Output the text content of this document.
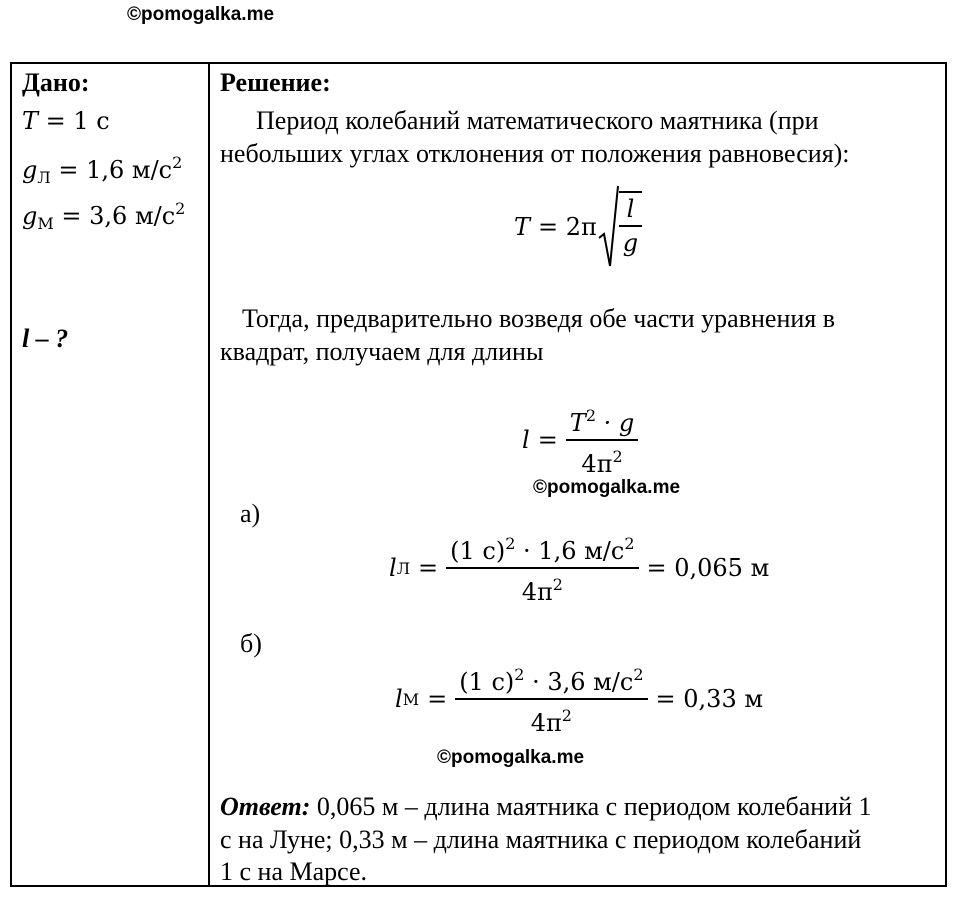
©pomogalka.me
Дано:
T = 1 с
$g_Л = 1,6$ $м/с^2$
$g_М = 3,6$ $м/с^2$
l – ?
Решение:
Период колебаний математического маятника (при
небольших углах отклонения от положения равновесия):
$T = 2\pi \frac{l}{g}$
Тогда, предварительно возведя обе части уравнения в
квадрат, получаем для длины
$l = \frac{T^2 \cdot g}{4\pi^2}$
©pomogalka.me
а)
l $Л = \frac{(1 с)^2 \cdot 1,6 м/с^2}{4\pi^2} = 0,065$ м
б)
l $М = \frac{(1 с)^2 \cdot 3,6 м/с^2}{4\pi^2} = 0,33$ м
©pomogalka.me
Ответ: 0,065 м – длина маятника с периодом колебаний 1
с на Луне; 0,33 м – длина маятника с периодом колебаний
1 с на Марсе.
